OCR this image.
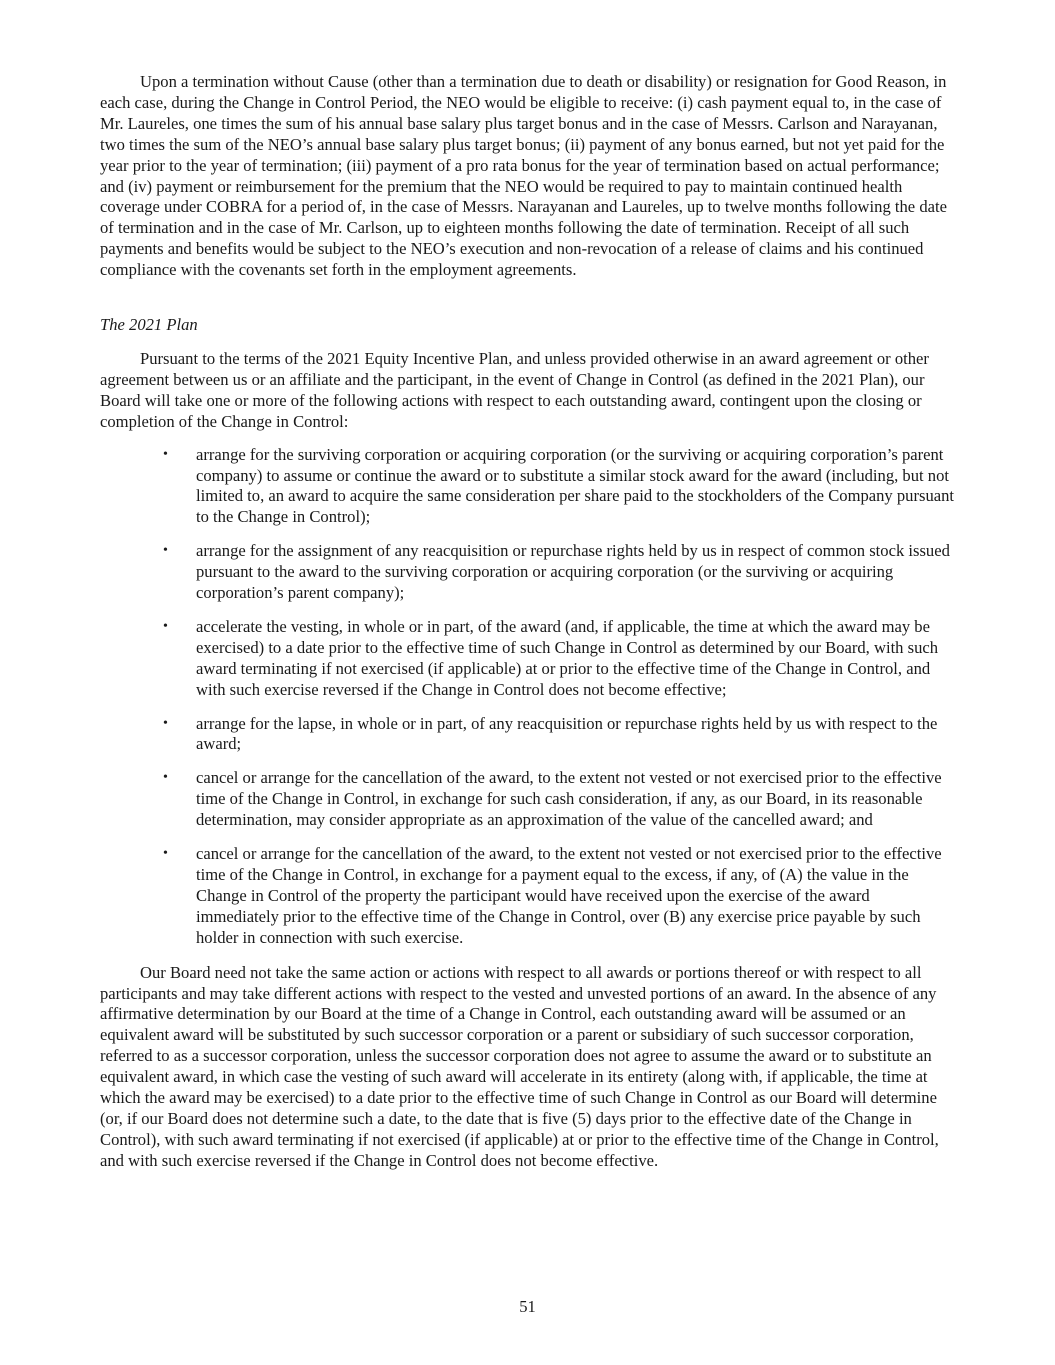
Upon a termination without Cause (other than a termination due to death or disability) or resignation for Good Reason, in each case, during the Change in Control Period, the NEO would be eligible to receive: (i) cash payment equal to, in the case of Mr. Laureles, one times the sum of his annual base salary plus target bonus and in the case of Messrs. Carlson and Narayanan, two times the sum of the NEO’s annual base salary plus target bonus; (ii) payment of any bonus earned, but not yet paid for the year prior to the year of termination; (iii) payment of a pro rata bonus for the year of termination based on actual performance; and (iv) payment or reimbursement for the premium that the NEO would be required to pay to maintain continued health coverage under COBRA for a period of, in the case of Messrs. Narayanan and Laureles, up to twelve months following the date of termination and in the case of Mr. Carlson, up to eighteen months following the date of termination. Receipt of all such payments and benefits would be subject to the NEO’s execution and non-revocation of a release of claims and his continued compliance with the covenants set forth in the employment agreements.

The 2021 Plan

Pursuant to the terms of the 2021 Equity Incentive Plan, and unless provided otherwise in an award agreement or other agreement between us or an affiliate and the participant, in the event of Change in Control (as defined in the 2021 Plan), our Board will take one or more of the following actions with respect to each outstanding award, contingent upon the closing or completion of the Change in Control:

•	arrange for the surviving corporation or acquiring corporation (or the surviving or acquiring corporation’s parent company) to assume or continue the award or to substitute a similar stock award for the award (including, but not limited to, an award to acquire the same consideration per share paid to the stockholders of the Company pursuant to the Change in Control);
•	arrange for the assignment of any reacquisition or repurchase rights held by us in respect of common stock issued pursuant to the award to the surviving corporation or acquiring corporation (or the surviving or acquiring corporation’s parent company);
•	accelerate the vesting, in whole or in part, of the award (and, if applicable, the time at which the award may be exercised) to a date prior to the effective time of such Change in Control as determined by our Board, with such award terminating if not exercised (if applicable) at or prior to the effective time of the Change in Control, and with such exercise reversed if the Change in Control does not become effective;
•	arrange for the lapse, in whole or in part, of any reacquisition or repurchase rights held by us with respect to the award;
•	cancel or arrange for the cancellation of the award, to the extent not vested or not exercised prior to the effective time of the Change in Control, in exchange for such cash consideration, if any, as our Board, in its reasonable determination, may consider appropriate as an approximation of the value of the cancelled award; and
•	cancel or arrange for the cancellation of the award, to the extent not vested or not exercised prior to the effective time of the Change in Control, in exchange for a payment equal to the excess, if any, of (A) the value in the Change in Control of the property the participant would have received upon the exercise of the award immediately prior to the effective time of the Change in Control, over (B) any exercise price payable by such holder in connection with such exercise.

Our Board need not take the same action or actions with respect to all awards or portions thereof or with respect to all participants and may take different actions with respect to the vested and unvested portions of an award. In the absence of any affirmative determination by our Board at the time of a Change in Control, each outstanding award will be assumed or an equivalent award will be substituted by such successor corporation or a parent or subsidiary of such successor corporation, referred to as a successor corporation, unless the successor corporation does not agree to assume the award or to substitute an equivalent award, in which case the vesting of such award will accelerate in its entirety (along with, if applicable, the time at which the award may be exercised) to a date prior to the effective time of such Change in Control as our Board will determine (or, if our Board does not determine such a date, to the date that is five (5) days prior to the effective date of the Change in Control), with such award terminating if not exercised (if applicable) at or prior to the effective time of the Change in Control, and with such exercise reversed if the Change in Control does not become effective.

51
